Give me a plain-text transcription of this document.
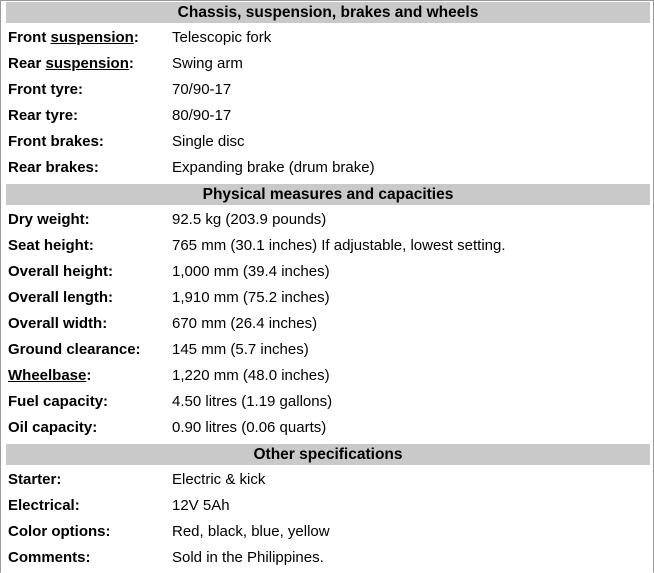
Chassis, suspension, brakes and wheels
Front suspension: Telescopic fork
Rear suspension:	Swing arm
Front tyre:	70/90-17
Rear tyre:	80/90-17
Front brakes:	Single disc
Rear brakes:	Expanding brake (drum brake)
Physical measures and capacities
Dry weight:	92.5 kg (203.9 pounds)
Seat height:	765 mm (30.1 inches) If adjustable, lowest setting.
Overall height:	1,000 mm (39.4 inches)
Overall length:	1,910 mm (75.2 inches)
Overall width:	670 mm (26.4 inches)
Ground clearance: 145 mm (5.7 inches)
Wheelbase:	1,220 mm (48.0 inches)
Fuel capacity:	4.50 litres (1.19 gallons)
Oil capacity:	0.90 litres (0.06 quarts)
Other specifications
Starter:	Electric & kick
Electrical:	12V 5Ah
Color options:	Red, black, blue, yellow
Comments:	Sold in the Philippines.
